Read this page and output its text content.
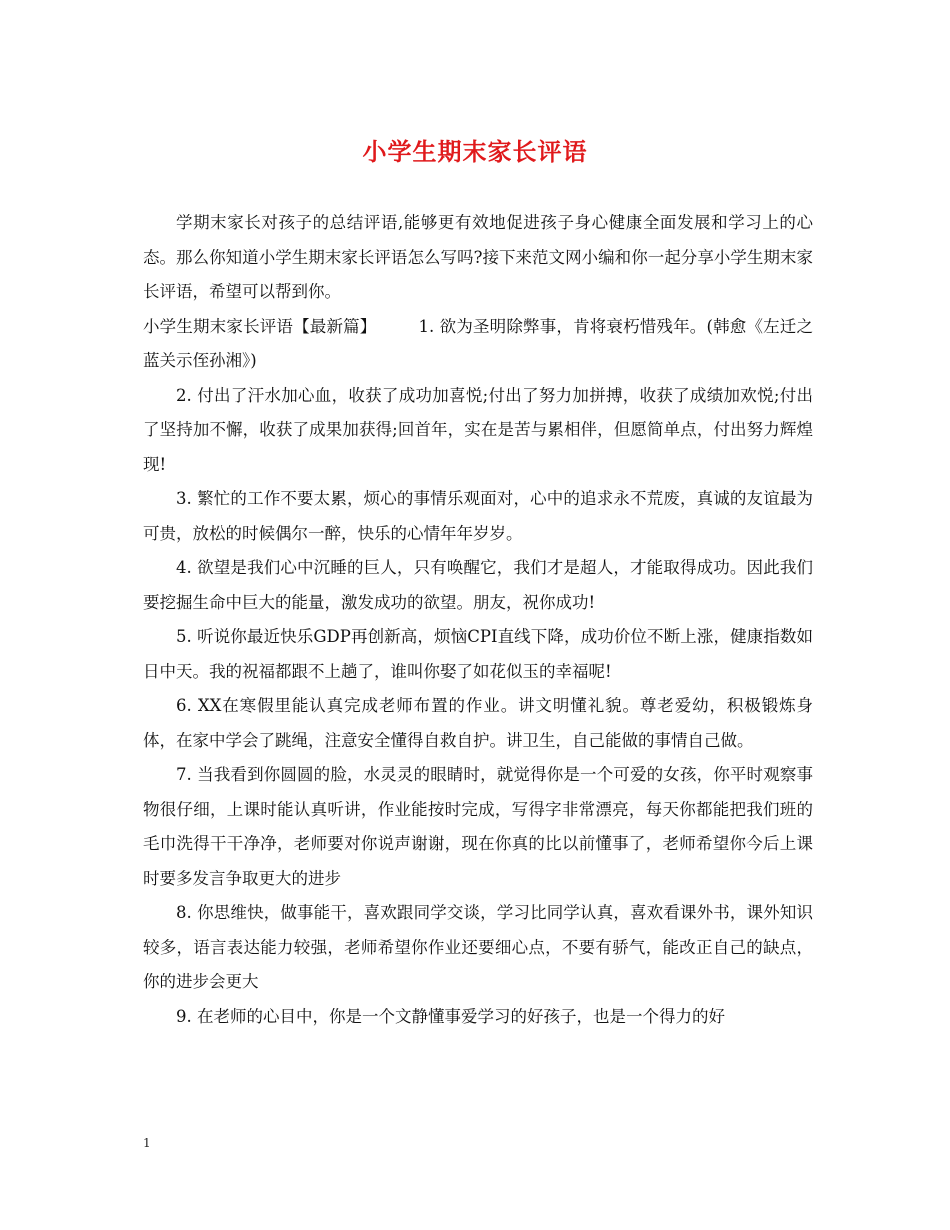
小学生期末家长评语

学期末家长对孩子的总结评语,能够更有效地促进孩子身心健康全面发展和学习上的心态。那么你知道小学生期末家长评语怎么写吗?接下来范文网小编和你一起分享小学生期末家长评语，希望可以帮到你。

小学生期末家长评语【最新篇】	1. 欲为圣明除弊事，肯将衰朽惜残年。(韩愈《左迁之蓝关示侄孙湘》)

2. 付出了汗水加心血，收获了成功加喜悦;付出了努力加拼搏，收获了成绩加欢悦;付出了坚持加不懈，收获了成果加获得;回首年，实在是苦与累相伴，但愿简单点，付出努力辉煌现!

3. 繁忙的工作不要太累，烦心的事情乐观面对，心中的追求永不荒废，真诚的友谊最为可贵，放松的时候偶尔一醉，快乐的心情年年岁岁。

4. 欲望是我们心中沉睡的巨人，只有唤醒它，我们才是超人，才能取得成功。因此我们要挖掘生命中巨大的能量，激发成功的欲望。朋友，祝你成功!

5. 听说你最近快乐GDP再创新高，烦恼CPI直线下降，成功价位不断上涨，健康指数如日中天。我的祝福都跟不上趟了，谁叫你娶了如花似玉的幸福呢!

6. XX在寒假里能认真完成老师布置的作业。讲文明懂礼貌。尊老爱幼，积极锻炼身体，在家中学会了跳绳，注意安全懂得自救自护。讲卫生，自己能做的事情自己做。

7. 当我看到你圆圆的脸，水灵灵的眼睛时，就觉得你是一个可爱的女孩，你平时观察事物很仔细，上课时能认真听讲，作业能按时完成，写得字非常漂亮，每天你都能把我们班的毛巾洗得干干净净，老师要对你说声谢谢，现在你真的比以前懂事了，老师希望你今后上课时要多发言争取更大的进步

8. 你思维快，做事能干，喜欢跟同学交谈，学习比同学认真，喜欢看课外书，课外知识较多，语言表达能力较强，老师希望你作业还要细心点，不要有骄气，能改正自己的缺点，你的进步会更大

9. 在老师的心目中，你是一个文静懂事爱学习的好孩子，也是一个得力的好

1
